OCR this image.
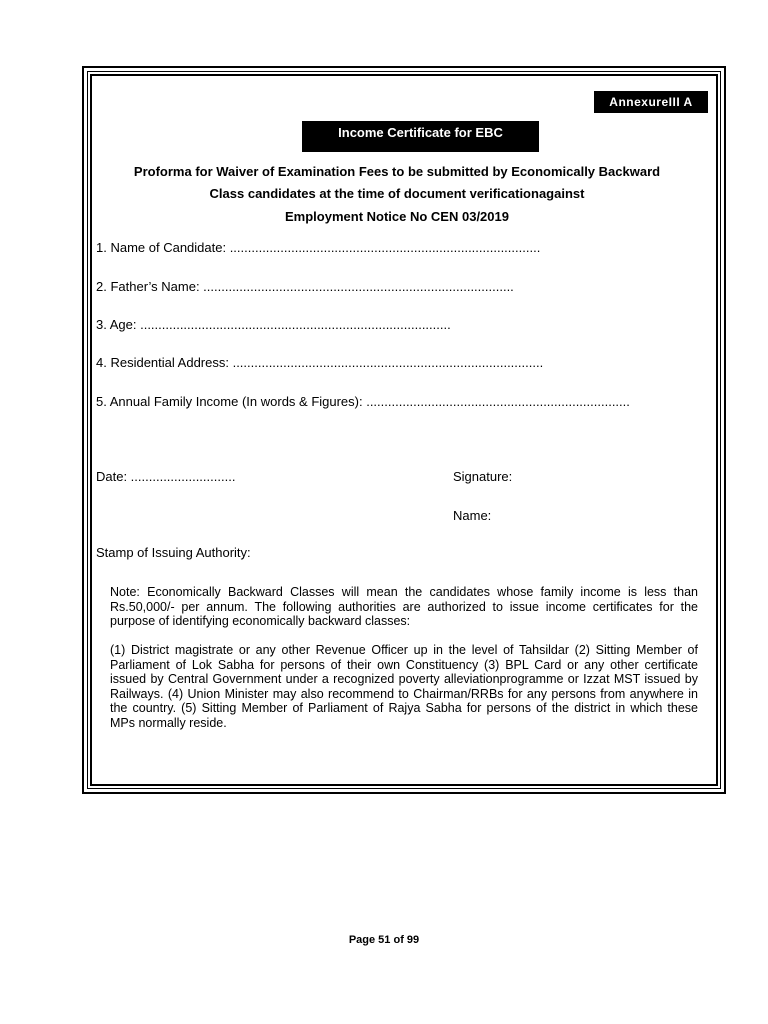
AnnexureIII A
Income Certificate for EBC
Proforma for Waiver of Examination Fees to be submitted by Economically Backward
Class candidates at the time of document verificationagainst
Employment Notice No CEN 03/2019
1. Name of Candidate: ......................................................................................
2. Father’s Name: ......................................................................................
3. Age: ......................................................................................
4. Residential Address: ......................................................................................
5. Annual Family Income (In words & Figures): .........................................................................
Date: .............................	Signature:
Name:
Stamp of Issuing Authority:
Note: Economically Backward Classes will mean the candidates whose family income is less than Rs.50,000/- per annum. The following authorities are authorized to issue income certificates for the purpose of identifying economically backward classes:
(1) District magistrate or any other Revenue Officer up in the level of Tahsildar (2) Sitting Member of Parliament of Lok Sabha for persons of their own Constituency (3) BPL Card or any other certificate issued by Central Government under a recognized poverty alleviationprogramme or Izzat MST issued by Railways. (4) Union Minister may also recommend to Chairman/RRBs for any persons from anywhere in the country. (5) Sitting Member of Parliament of Rajya Sabha for persons of the district in which these MPs normally reside.
Page 51 of 99
